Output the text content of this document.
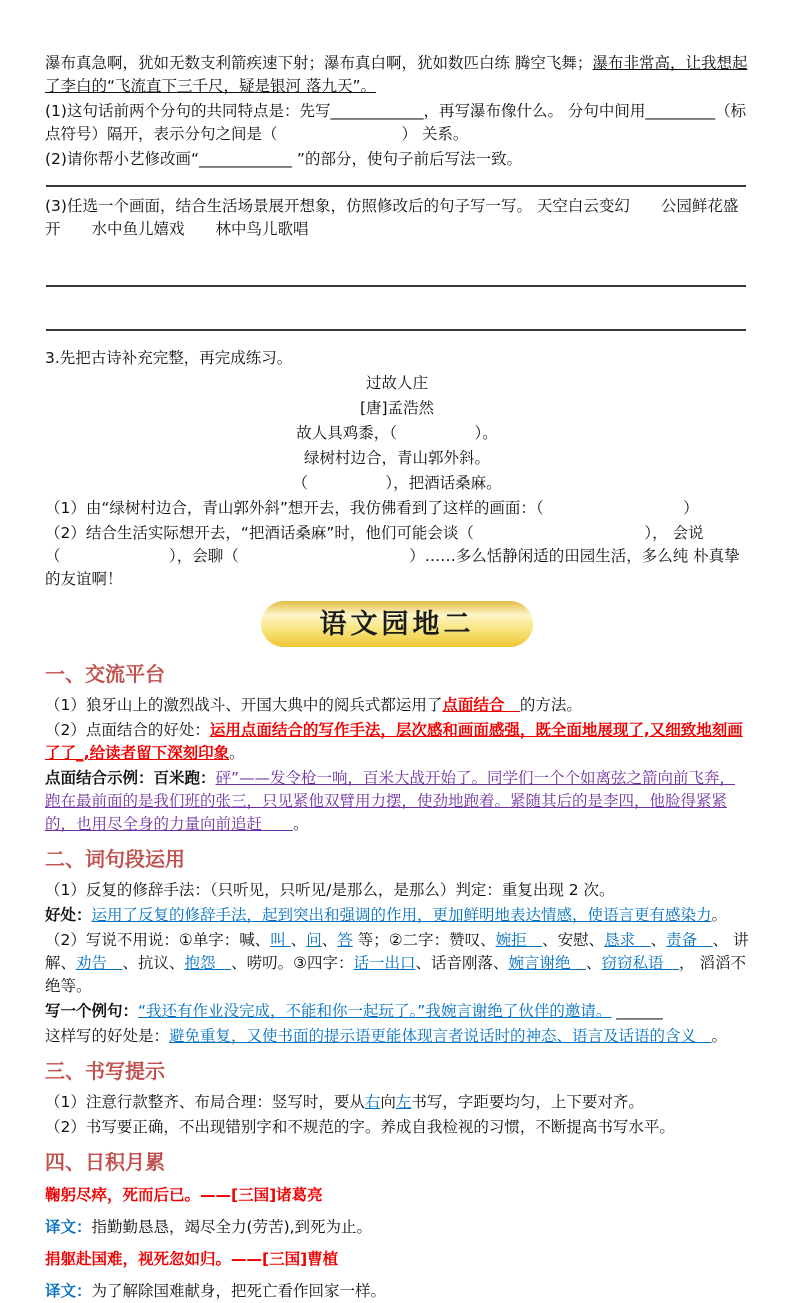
瀑布真急啊，犹如无数支利箭疾速下射；瀑布真白啊，犹如数匹白练 腾空飞舞；瀑布非常高，让我想起了李白的“飞流直下三千尺，疑是银河 落九天”。

(1)这句话前两个分句的共同特点是：先写____________，再写瀑布像什么。 分句中间用_________（标点符号）隔开，表示分句之间是（　　　　　　　　） 关系。

(2)请你帮小艺修改画“____________ ”的部分，使句子前后写法一致。

(3)任选一个画面，结合生活场景展开想象，仿照修改后的句子写一写。 天空白云变幻　　公园鲜花盛开　　水中鱼儿嬉戏　　林中鸟儿歌唱

3.先把古诗补充完整，再完成练习。

过故人庄

[唐]孟浩然

故人具鸡黍，（　　　　　）。

绿树村边合，青山郭外斜。

（　　　　　），把酒话桑麻。

（1）由“绿树村边合，青山郭外斜”想开去，我仿佛看到了这样的画面：（　　　　　　　　　）

（2）结合生活实际想开去，“把酒话桑麻”时，他们可能会谈（　　　　　　　　　　　）， 会说（　　　　　　　），会聊（　　　　　　　　　　　）……多么恬静闲适的田园生活，多么纯 朴真挚的友谊啊！

语文园地二
一、交流平台

（1）狼牙山上的激烈战斗、开国大典中的阅兵式都运用了点面结合　的方法。

（2）点面结合的好处：运用点面结合的写作手法，层次感和画面感强，既全面地展现了,又细致地刻画了了_,给读者留下深刻印象。

点面结合示例：百米跑：砰”——发令枪一响，百米大战开始了。同学们一个个如离弦之箭向前飞奔，跑在最前面的是我们班的张三，只见紧他双臂用力摆，使劲地跑着。紧随其后的是李四，他脸得紧紧的，也用尽全身的力量向前追赶　　。

二、词句段运用

（1）反复的修辞手法：（只听见，只听见/是那么，是那么）判定：重复出现 2 次。

好处：运用了反复的修辞手法，起到突出和强调的作用，更加鲜明地表达情感，使语言更有感染力。

（2）写说不用说：①单字：喊、叫 、问、答 等；②二字：赞叹、婉拒　、安慰、恳求　、责备　、 讲解、劝告　、抗议、抱怨　、唠叨。③四字：话一出口、话音刚落、婉言谢绝　、窃窃私语　， 滔滔不绝等。

写一个例句：“我还有作业没完成，不能和你一起玩了。”我婉言谢绝了伙伴的邀请。 ______

这样写的好处是：避免重复，又使书面的提示语更能体现言者说话时的神态、语言及话语的含义　。

三、书写提示

（1）注意行款整齐、布局合理：竖写时，要从右向左书写，字距要均匀，上下要对齐。

（2）书写要正确，不出现错别字和不规范的字。养成自我检视的习惯，不断提高书写水平。

四、日积月累

鞠躬尽瘁，死而后已。——[三国]诸葛亮

译文：指勤勤恳恳，竭尽全力(劳苦),到死为止。

捐躯赴国难，视死忽如归。——[三国]曹植

译文：为了解除国难献身，把死亡看作回家一样。
